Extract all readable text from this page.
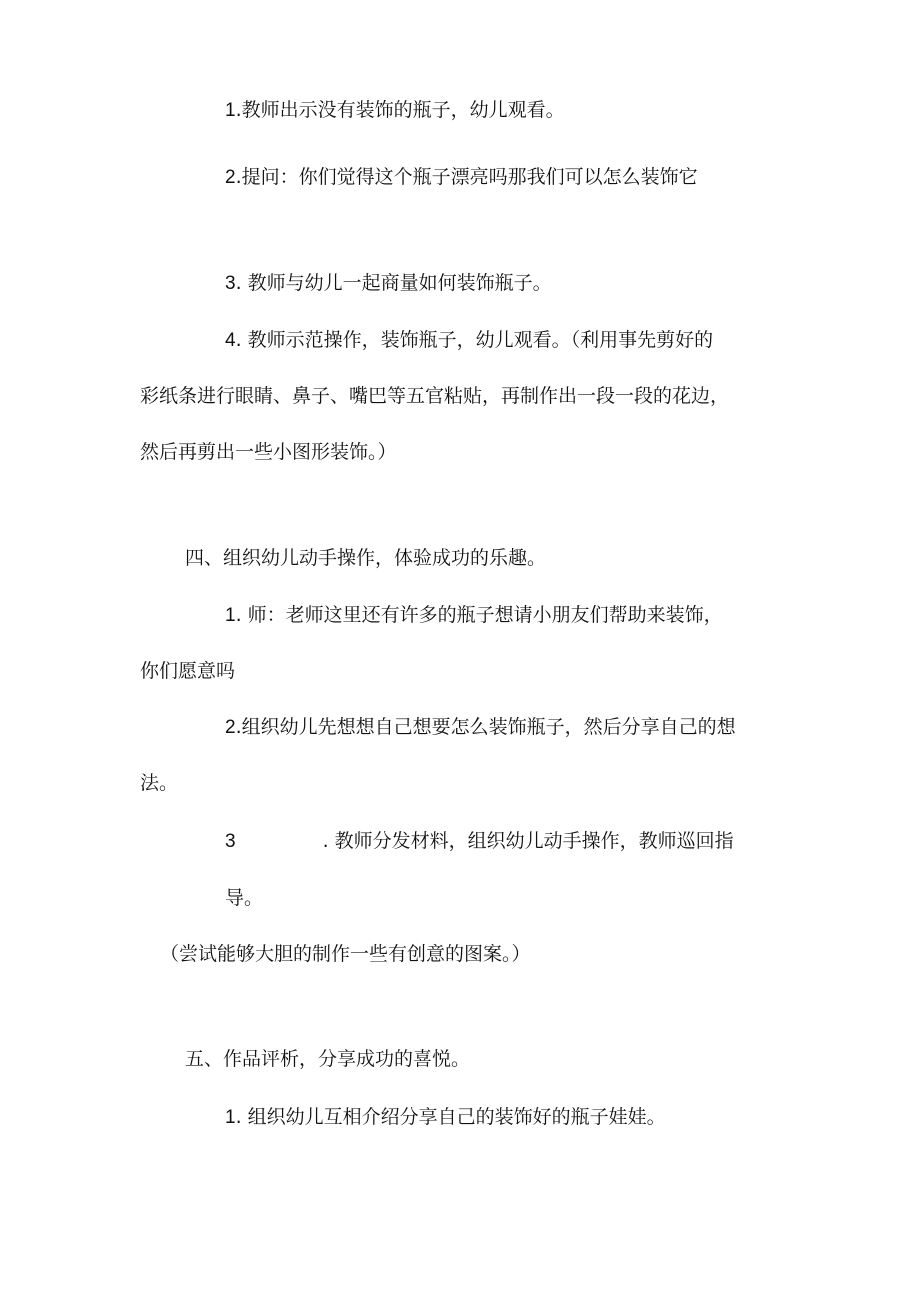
1.教师出示没有装饰的瓶子，幼儿观看。
2.提问：你们觉得这个瓶子漂亮吗那我们可以怎么装饰它
3. 教师与幼儿一起商量如何装饰瓶子。
4. 教师示范操作，装饰瓶子，幼儿观看。（利用事先剪好的
彩纸条进行眼睛、鼻子、嘴巴等五官粘贴，再制作出一段一段的花边，
然后再剪出一些小图形装饰。）
四、组织幼儿动手操作，体验成功的乐趣。
1. 师：老师这里还有许多的瓶子想请小朋友们帮助来装饰，
你们愿意吗
2.组织幼儿先想想自己想要怎么装饰瓶子，然后分享自己的想
法。
3	. 教师分发材料，组织幼儿动手操作，教师巡回指
导。
（尝试能够大胆的制作一些有创意的图案。）
五、作品评析，分享成功的喜悦。
1. 组织幼儿互相介绍分享自己的装饰好的瓶子娃娃。
